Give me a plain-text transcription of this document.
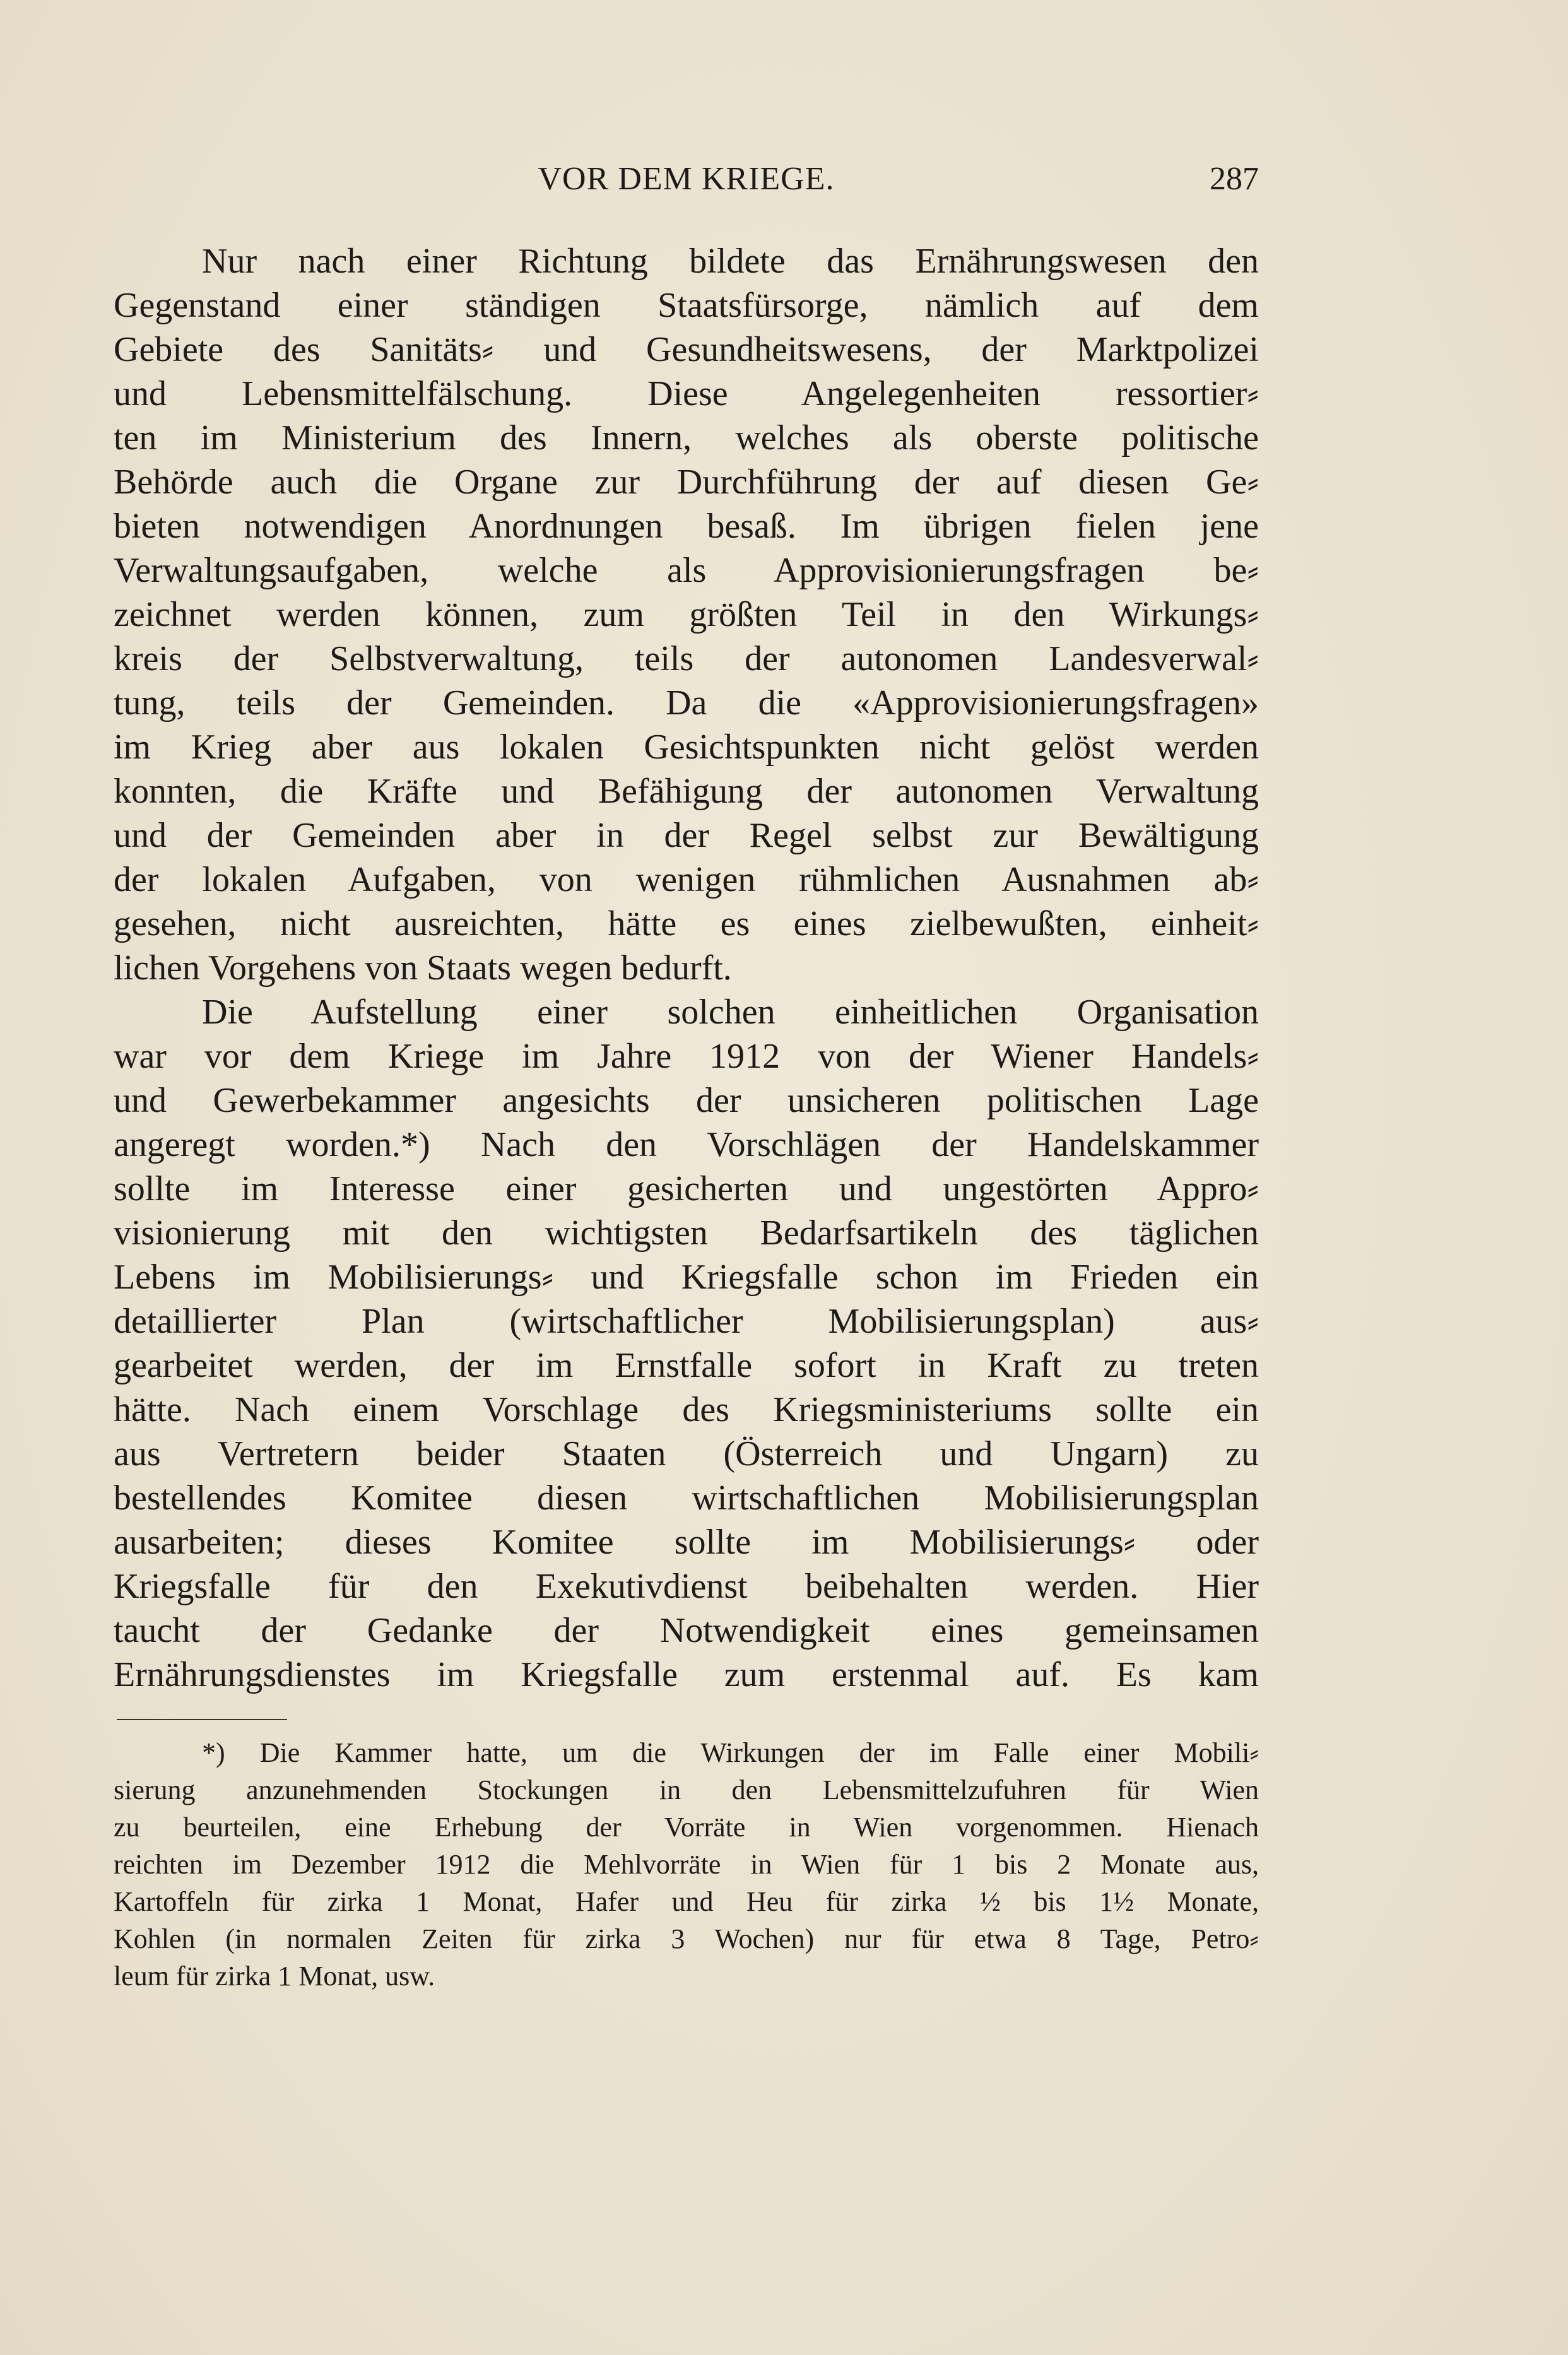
VOR DEM KRIEGE.	287
Nur nach einer Richtung bildete das Ernährungswesen den
Gegenstand einer ständigen Staatsfürsorge, nämlich auf dem
Gebiete des Sanitäts⸗ und Gesundheitswesens, der Marktpolizei
und Lebensmittelfälschung. Diese Angelegenheiten ressortier⸗
ten im Ministerium des Innern, welches als oberste politische
Behörde auch die Organe zur Durchführung der auf diesen Ge⸗
bieten notwendigen Anordnungen besaß. Im übrigen fielen jene
Verwaltungsaufgaben, welche als Approvisionierungsfragen be⸗
zeichnet werden können, zum größten Teil in den Wirkungs⸗
kreis der Selbstverwaltung, teils der autonomen Landesverwal⸗
tung, teils der Gemeinden. Da die «Approvisionierungsfragen»
im Krieg aber aus lokalen Gesichtspunkten nicht gelöst werden
konnten, die Kräfte und Befähigung der autonomen Verwaltung
und der Gemeinden aber in der Regel selbst zur Bewältigung
der lokalen Aufgaben, von wenigen rühmlichen Ausnahmen ab⸗
gesehen, nicht ausreichten, hätte es eines zielbewußten, einheit⸗
lichen Vorgehens von Staats wegen bedurft.
Die Aufstellung einer solchen einheitlichen Organisation
war vor dem Kriege im Jahre 1912 von der Wiener Handels⸗
und Gewerbekammer angesichts der unsicheren politischen Lage
angeregt worden.*) Nach den Vorschlägen der Handelskammer
sollte im Interesse einer gesicherten und ungestörten Appro⸗
visionierung mit den wichtigsten Bedarfsartikeln des täglichen
Lebens im Mobilisierungs⸗ und Kriegsfalle schon im Frieden ein
detaillierter Plan (wirtschaftlicher Mobilisierungsplan) aus⸗
gearbeitet werden, der im Ernstfalle sofort in Kraft zu treten
hätte. Nach einem Vorschlage des Kriegsministeriums sollte ein
aus Vertretern beider Staaten (Österreich und Ungarn) zu
bestellendes Komitee diesen wirtschaftlichen Mobilisierungsplan
ausarbeiten; dieses Komitee sollte im Mobilisierungs⸗ oder
Kriegsfalle für den Exekutivdienst beibehalten werden. Hier
taucht der Gedanke der Notwendigkeit eines gemeinsamen
Ernährungsdienstes im Kriegsfalle zum erstenmal auf. Es kam
*) Die Kammer hatte, um die Wirkungen der im Falle einer Mobili⸗
sierung anzunehmenden Stockungen in den Lebensmittelzufuhren für Wien
zu beurteilen, eine Erhebung der Vorräte in Wien vorgenommen. Hienach
reichten im Dezember 1912 die Mehlvorräte in Wien für 1 bis 2 Monate aus,
Kartoffeln für zirka 1 Monat, Hafer und Heu für zirka ½ bis 1½ Monate,
Kohlen (in normalen Zeiten für zirka 3 Wochen) nur für etwa 8 Tage, Petro⸗
leum für zirka 1 Monat, usw.
